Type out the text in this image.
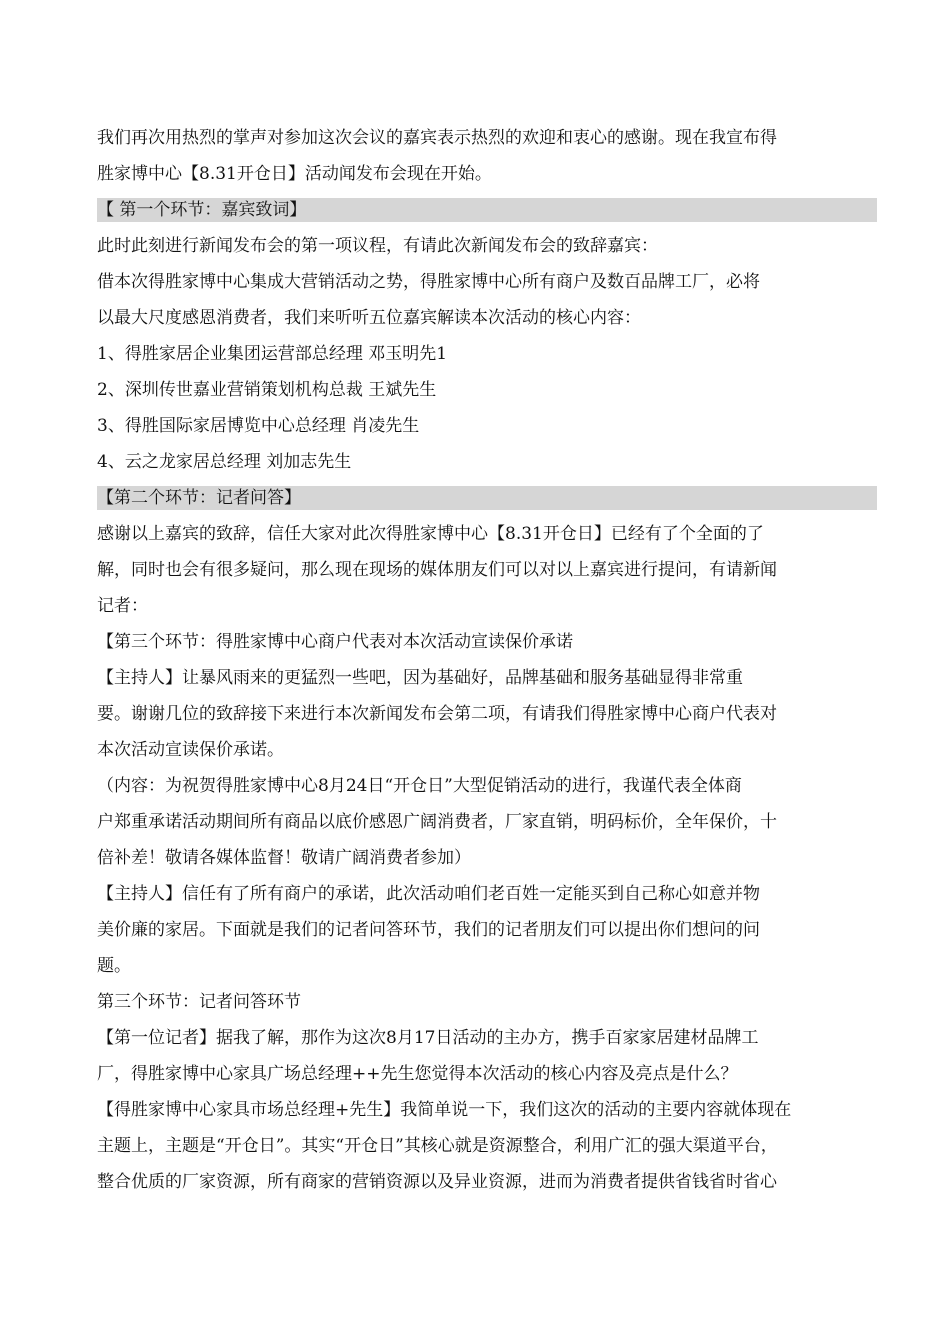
我们再次用热烈的掌声对参加这次会议的嘉宾表示热烈的欢迎和衷心的感谢。现在我宣布得
胜家博中心【8.31开仓日】活动闻发布会现在开始。
【 第一个环节：嘉宾致词】
此时此刻进行新闻发布会的第一项议程，有请此次新闻发布会的致辞嘉宾：
借本次得胜家博中心集成大营销活动之势，得胜家博中心所有商户及数百品牌工厂，必将
以最大尺度感恩消费者，我们来听听五位嘉宾解读本次活动的核心内容：
1、得胜家居企业集团运营部总经理 邓玉明先1
2、深圳传世嘉业营销策划机构总裁 王斌先生
3、得胜国际家居博览中心总经理 肖凌先生
4、云之龙家居总经理 刘加志先生
【第二个环节：记者问答】
感谢以上嘉宾的致辞，信任大家对此次得胜家博中心【8.31开仓日】已经有了个全面的了
解，同时也会有很多疑问，那么现在现场的媒体朋友们可以对以上嘉宾进行提问，有请新闻
记者：
【第三个环节：得胜家博中心商户代表对本次活动宣读保价承诺
【主持人】让暴风雨来的更猛烈一些吧，因为基础好，品牌基础和服务基础显得非常重
要。谢谢几位的致辞接下来进行本次新闻发布会第二项，有请我们得胜家博中心商户代表对
本次活动宣读保价承诺。
（内容：为祝贺得胜家博中心8月24日“开仓日”大型促销活动的进行，我谨代表全体商
户郑重承诺活动期间所有商品以底价感恩广阔消费者，厂家直销，明码标价，全年保价，十
倍补差！敬请各媒体监督！敬请广阔消费者参加）
【主持人】信任有了所有商户的承诺，此次活动咱们老百姓一定能买到自己称心如意并物
美价廉的家居。下面就是我们的记者问答环节，我们的记者朋友们可以提出你们想问的问
题。
第三个环节：记者问答环节
【第一位记者】据我了解，那作为这次8月17日活动的主办方，携手百家家居建材品牌工
厂，得胜家博中心家具广场总经理++先生您觉得本次活动的核心内容及亮点是什么？
【得胜家博中心家具市场总经理+先生】我简单说一下，我们这次的活动的主要内容就体现在
主题上，主题是“开仓日”。其实“开仓日”其核心就是资源整合，利用广汇的强大渠道平台，
整合优质的厂家资源，所有商家的营销资源以及异业资源，进而为消费者提供省钱省时省心
